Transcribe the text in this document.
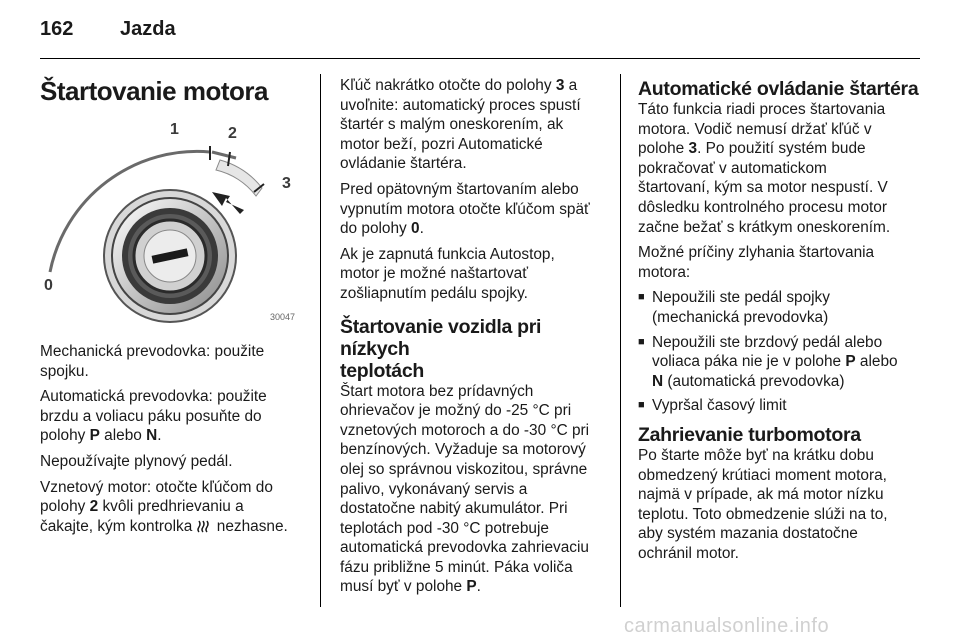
162 Jazda
Štartovanie motora
0
1	2
3
30047

Mechanická prevodovka: použite
spojku.

Automatická prevodovka: použite
brzdu a voliacu páku posuňte do
polohy P alebo N.

Nepoužívajte plynový pedál.

Vznetový motor: otočte kľúčom do
polohy 2 kvôli predhrievaniu a
čakajte, kým kontrolka  nezhasne.

Kľúč nakrátko otočte do polohy 3 a
uvoľnite: automatický proces spustí
štartér s malým oneskorením, ak
motor beží, pozri Automatické
ovládanie štartéra.

Pred opätovným štartovaním alebo
vypnutím motora otočte kľúčom späť
do polohy 0.

Ak je zapnutá funkcia Autostop,
motor je možné naštartovať
zošliapnutím pedálu spojky.

Štartovanie vozidla pri nízkych
teplotách

Štart motora bez prídavných
ohrievačov je možný do -25 °C pri
vznetových motoroch a do -30 °C pri
benzínových. Vyžaduje sa motorový
olej so správnou viskozitou, správne
palivo, vykonávaný servis a
dostatočne nabitý akumulátor. Pri
teplotách pod -30 °C potrebuje
automatická prevodovka zahrievaciu
fázu približne 5 minút. Páka voliča
musí byť v polohe P.

Automatické ovládanie štartéra

Táto funkcia riadi proces štartovania
motora. Vodič nemusí držať kľúč v
polohe 3. Po použití systém bude
pokračovať v automatickom
štartovaní, kým sa motor nespustí. V
dôsledku kontrolného procesu motor
začne bežať s krátkym oneskorením.

Možné príčiny zlyhania štartovania
motora:

■ Nepoužili ste pedál spojky
(mechanická prevodovka)
■ Nepoužili ste brzdový pedál alebo
voliaca páka nie je v polohe P alebo
N (automatická prevodovka)
■ Vypršal časový limit
Zahrievanie turbomotora

Po štarte môže byť na krátku dobu
obmedzený krútiaci moment motora,
najmä v prípade, ak má motor nízku
teplotu. Toto obmedzenie slúži na to,
aby systém mazania dostatočne
ochránil motor.

carmanualsonline.info
